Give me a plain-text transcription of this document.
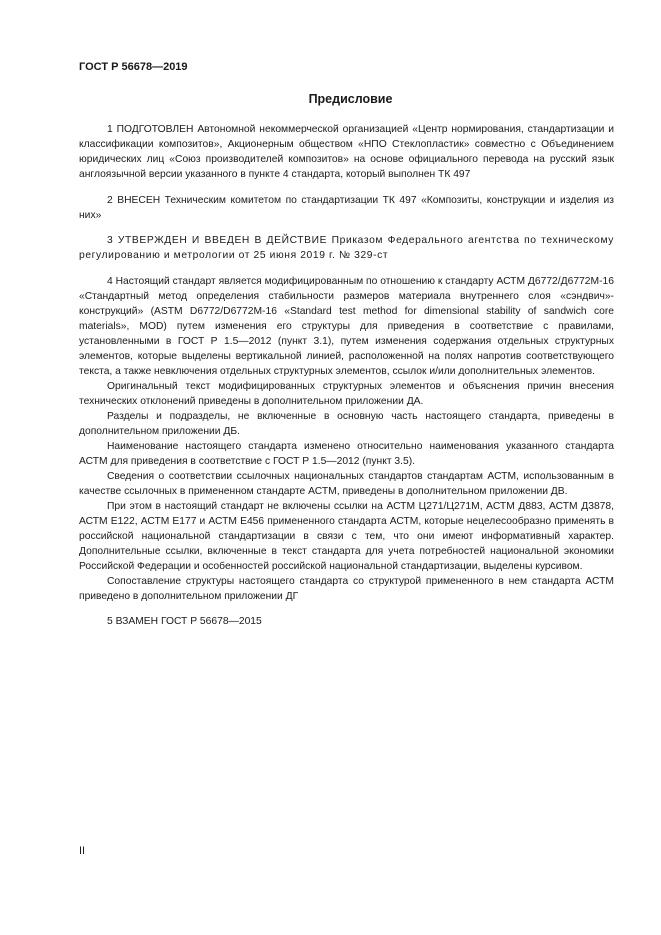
ГОСТ Р 56678—2019
Предисловие

1 ПОДГОТОВЛЕН Автономной некоммерческой организацией «Центр нормирования, стандартизации и классификации композитов», Акционерным обществом «НПО Стеклопластик» совместно с Объединением юридических лиц «Союз производителей композитов» на основе официального перевода на русский язык англоязычной версии указанного в пункте 4 стандарта, который выполнен ТК 497

2 ВНЕСЕН Техническим комитетом по стандартизации ТК 497 «Композиты, конструкции и изделия из них»

3 УТВЕРЖДЕН И ВВЕДЕН В ДЕЙСТВИЕ Приказом Федерального агентства по техническому регулированию и метрологии от 25 июня 2019 г. № 329-ст

4 Настоящий стандарт является модифицированным по отношению к стандарту АСТМ Д6772/Д6772М-16 «Стандартный метод определения стабильности размеров материала внутреннего слоя «сэндвич»-конструкций» (ASTM D6772/D6772M-16 «Standard test method for dimensional stability of sandwich core materials», MOD) путем изменения его структуры для приведения в соответствие с правилами, установленными в ГОСТ Р 1.5—2012 (пункт 3.1), путем изменения содержания отдельных структурных элементов, которые выделены вертикальной линией, расположенной на полях напротив соответствующего текста, а также невключения отдельных структурных элементов, ссылок и/или дополнительных элементов.

Оригинальный текст модифицированных структурных элементов и объяснения причин внесения технических отклонений приведены в дополнительном приложении ДА.

Разделы и подразделы, не включенные в основную часть настоящего стандарта, приведены в дополнительном приложении ДБ.

Наименование настоящего стандарта изменено относительно наименования указанного стандарта АСТМ для приведения в соответствие с ГОСТ Р 1.5—2012 (пункт 3.5).

Сведения о соответствии ссылочных национальных стандартов стандартам АСТМ, использованным в качестве ссылочных в примененном стандарте АСТМ, приведены в дополнительном приложении ДВ.

При этом в настоящий стандарт не включены ссылки на АСТМ Ц271/Ц271М, АСТМ Д883, АСТМ Д3878, АСТМ Е122, АСТМ Е177 и АСТМ Е456 примененного стандарта АСТМ, которые нецелесообразно применять в российской национальной стандартизации в связи с тем, что они имеют информативный характер. Дополнительные ссылки, включенные в текст стандарта для учета потребностей национальной экономики Российской Федерации и особенностей российской национальной стандартизации, выделены курсивом.

Сопоставление структуры настоящего стандарта со структурой примененного в нем стандарта АСТМ приведено в дополнительном приложении ДГ

5 ВЗАМЕН ГОСТ Р 56678—2015

II
